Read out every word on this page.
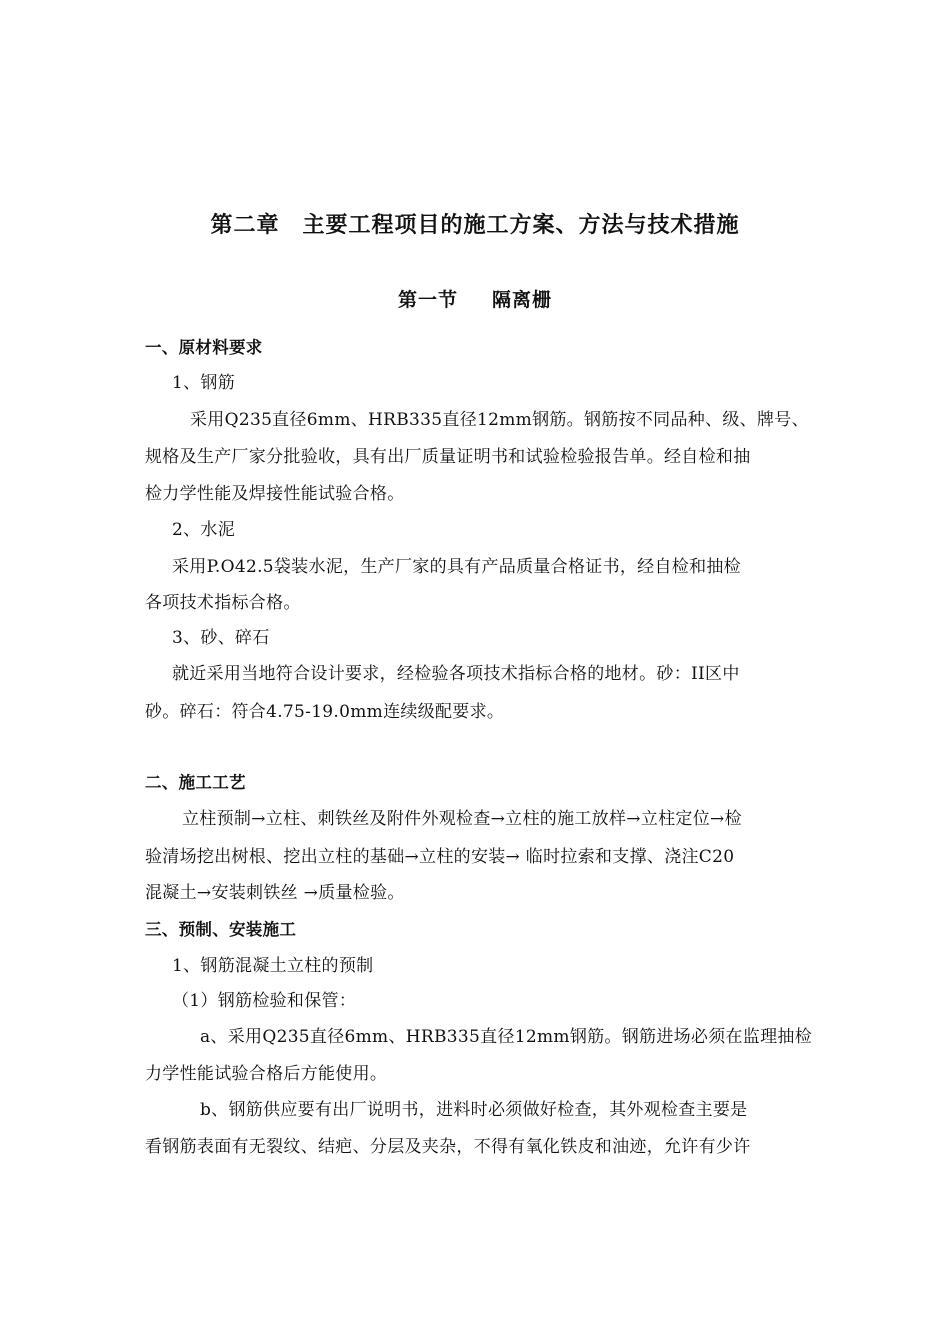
第二章　主要工程项目的施工方案、方法与技术措施
第一节 隔离栅
一、原材料要求
1、钢筋
采用Q235直径6mm、HRB335直径12mm钢筋。钢筋按不同品种、级、牌号、
规格及生产厂家分批验收，具有出厂质量证明书和试验检验报告单。经自检和抽
检力学性能及焊接性能试验合格。
2、水泥
采用P.O42.5袋装水泥，生产厂家的具有产品质量合格证书，经自检和抽检
各项技术指标合格。
3、砂、碎石
就近采用当地符合设计要求，经检验各项技术指标合格的地材。砂：II区中
砂。碎石：符合4.75-19.0mm连续级配要求。
二、施工工艺
立柱预制→立柱、刺铁丝及附件外观检查→立柱的施工放样→立柱定位→检
验清场挖出树根、挖出立柱的基础→立柱的安装→ 临时拉索和支撑、浇注C20
混凝土→安装刺铁丝 →质量检验。
三、预制、安装施工
1、钢筋混凝土立柱的预制
（1）钢筋检验和保管：
a、采用Q235直径6mm、HRB335直径12mm钢筋。钢筋进场必须在监理抽检
力学性能试验合格后方能使用。
b、钢筋供应要有出厂说明书，进料时必须做好检查，其外观检查主要是
看钢筋表面有无裂纹、结疤、分层及夹杂，不得有氧化铁皮和油迹，允许有少许
